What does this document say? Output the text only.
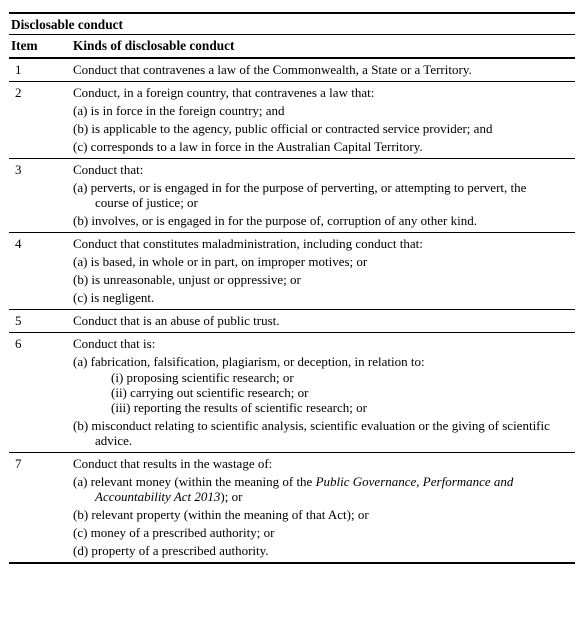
Disclosable conduct
Item	Kinds of disclosable conduct
1	Conduct that contravenes a law of the Commonwealth, a State or a Territory.
2	Conduct, in a foreign country, that contravenes a law that:
(a) is in force in the foreign country; and
(b) is applicable to the agency, public official or contracted service provider; and
(c) corresponds to a law in force in the Australian Capital Territory.
3	Conduct that:
(a) perverts, or is engaged in for the purpose of perverting, or attempting to pervert, the course of justice; or
(b) involves, or is engaged in for the purpose of, corruption of any other kind.
4	Conduct that constitutes maladministration, including conduct that:
(a) is based, in whole or in part, on improper motives; or
(b) is unreasonable, unjust or oppressive; or
(c) is negligent.
5	Conduct that is an abuse of public trust.
6	Conduct that is:
(a) fabrication, falsification, plagiarism, or deception, in relation to:
(i) proposing scientific research; or
(ii) carrying out scientific research; or
(iii) reporting the results of scientific research; or
(b) misconduct relating to scientific analysis, scientific evaluation or the giving of scientific advice.
7	Conduct that results in the wastage of:
(a) relevant money (within the meaning of the Public Governance, Performance and Accountability Act 2013); or
(b) relevant property (within the meaning of that Act); or
(c) money of a prescribed authority; or
(d) property of a prescribed authority.
